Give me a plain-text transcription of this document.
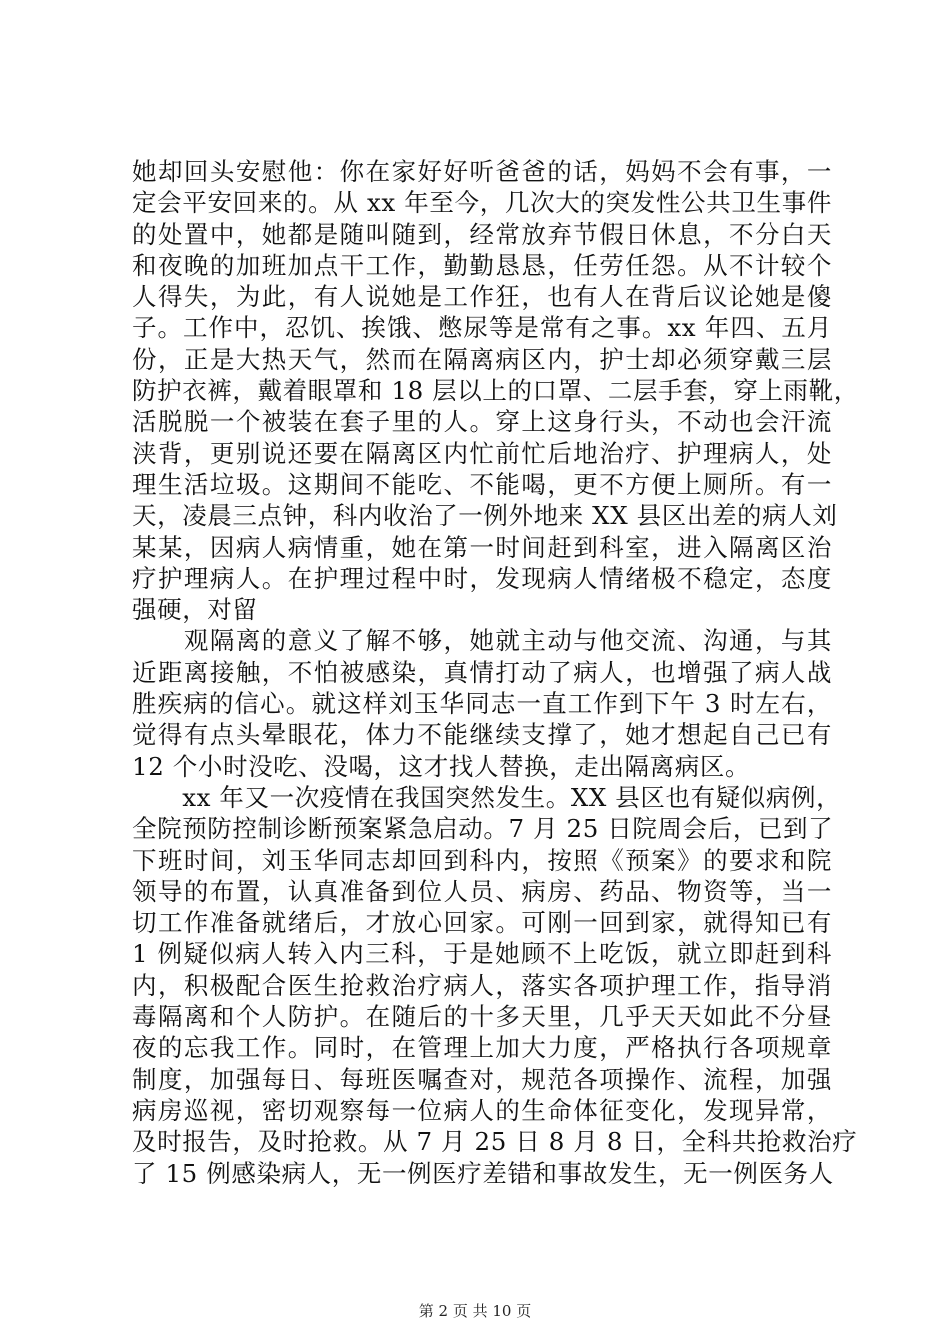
她却回头安慰他：你在家好好听爸爸的话，妈妈不会有事，一
定会平安回来的。从 xx 年至今，几次大的突发性公共卫生事件
的处置中，她都是随叫随到，经常放弃节假日休息，不分白天
和夜晚的加班加点干工作，勤勤恳恳，任劳任怨。从不计较个
人得失，为此，有人说她是工作狂，也有人在背后议论她是傻
子。工作中，忍饥、挨饿、憋尿等是常有之事。xx 年四、五月
份，正是大热天气，然而在隔离病区内，护士却必须穿戴三层
防护衣裤，戴着眼罩和 18 层以上的口罩、二层手套，穿上雨靴，
活脱脱一个被装在套子里的人。穿上这身行头，不动也会汗流
浃背，更别说还要在隔离区内忙前忙后地治疗、护理病人，处
理生活垃圾。这期间不能吃、不能喝，更不方便上厕所。有一
天，凌晨三点钟，科内收治了一例外地来 XX 县区出差的病人刘
某某，因病人病情重，她在第一时间赶到科室，进入隔离区治
疗护理病人。在护理过程中时，发现病人情绪极不稳定，态度
强硬，对留
　　观隔离的意义了解不够，她就主动与他交流、沟通，与其
近距离接触，不怕被感染，真情打动了病人，也增强了病人战
胜疾病的信心。就这样刘玉华同志一直工作到下午 3 时左右，
觉得有点头晕眼花，体力不能继续支撑了，她才想起自己已有
12 个小时没吃、没喝，这才找人替换，走出隔离病区。
　　xx 年又一次疫情在我国突然发生。XX 县区也有疑似病例，
全院预防控制诊断预案紧急启动。7 月 25 日院周会后，已到了
下班时间，刘玉华同志却回到科内，按照《预案》的要求和院
领导的布置，认真准备到位人员、病房、药品、物资等，当一
切工作准备就绪后，才放心回家。可刚一回到家，就得知已有
1 例疑似病人转入内三科，于是她顾不上吃饭，就立即赶到科
内，积极配合医生抢救治疗病人，落实各项护理工作，指导消
毒隔离和个人防护。在随后的十多天里，几乎天天如此不分昼
夜的忘我工作。同时，在管理上加大力度，严格执行各项规章
制度，加强每日、每班医嘱查对，规范各项操作、流程，加强
病房巡视，密切观察每一位病人的生命体征变化，发现异常，
及时报告，及时抢救。从 7 月 25 日 8 月 8 日，全科共抢救治疗
了 15 例感染病人，无一例医疗差错和事故发生，无一例医务人
第 2 页 共 10 页
